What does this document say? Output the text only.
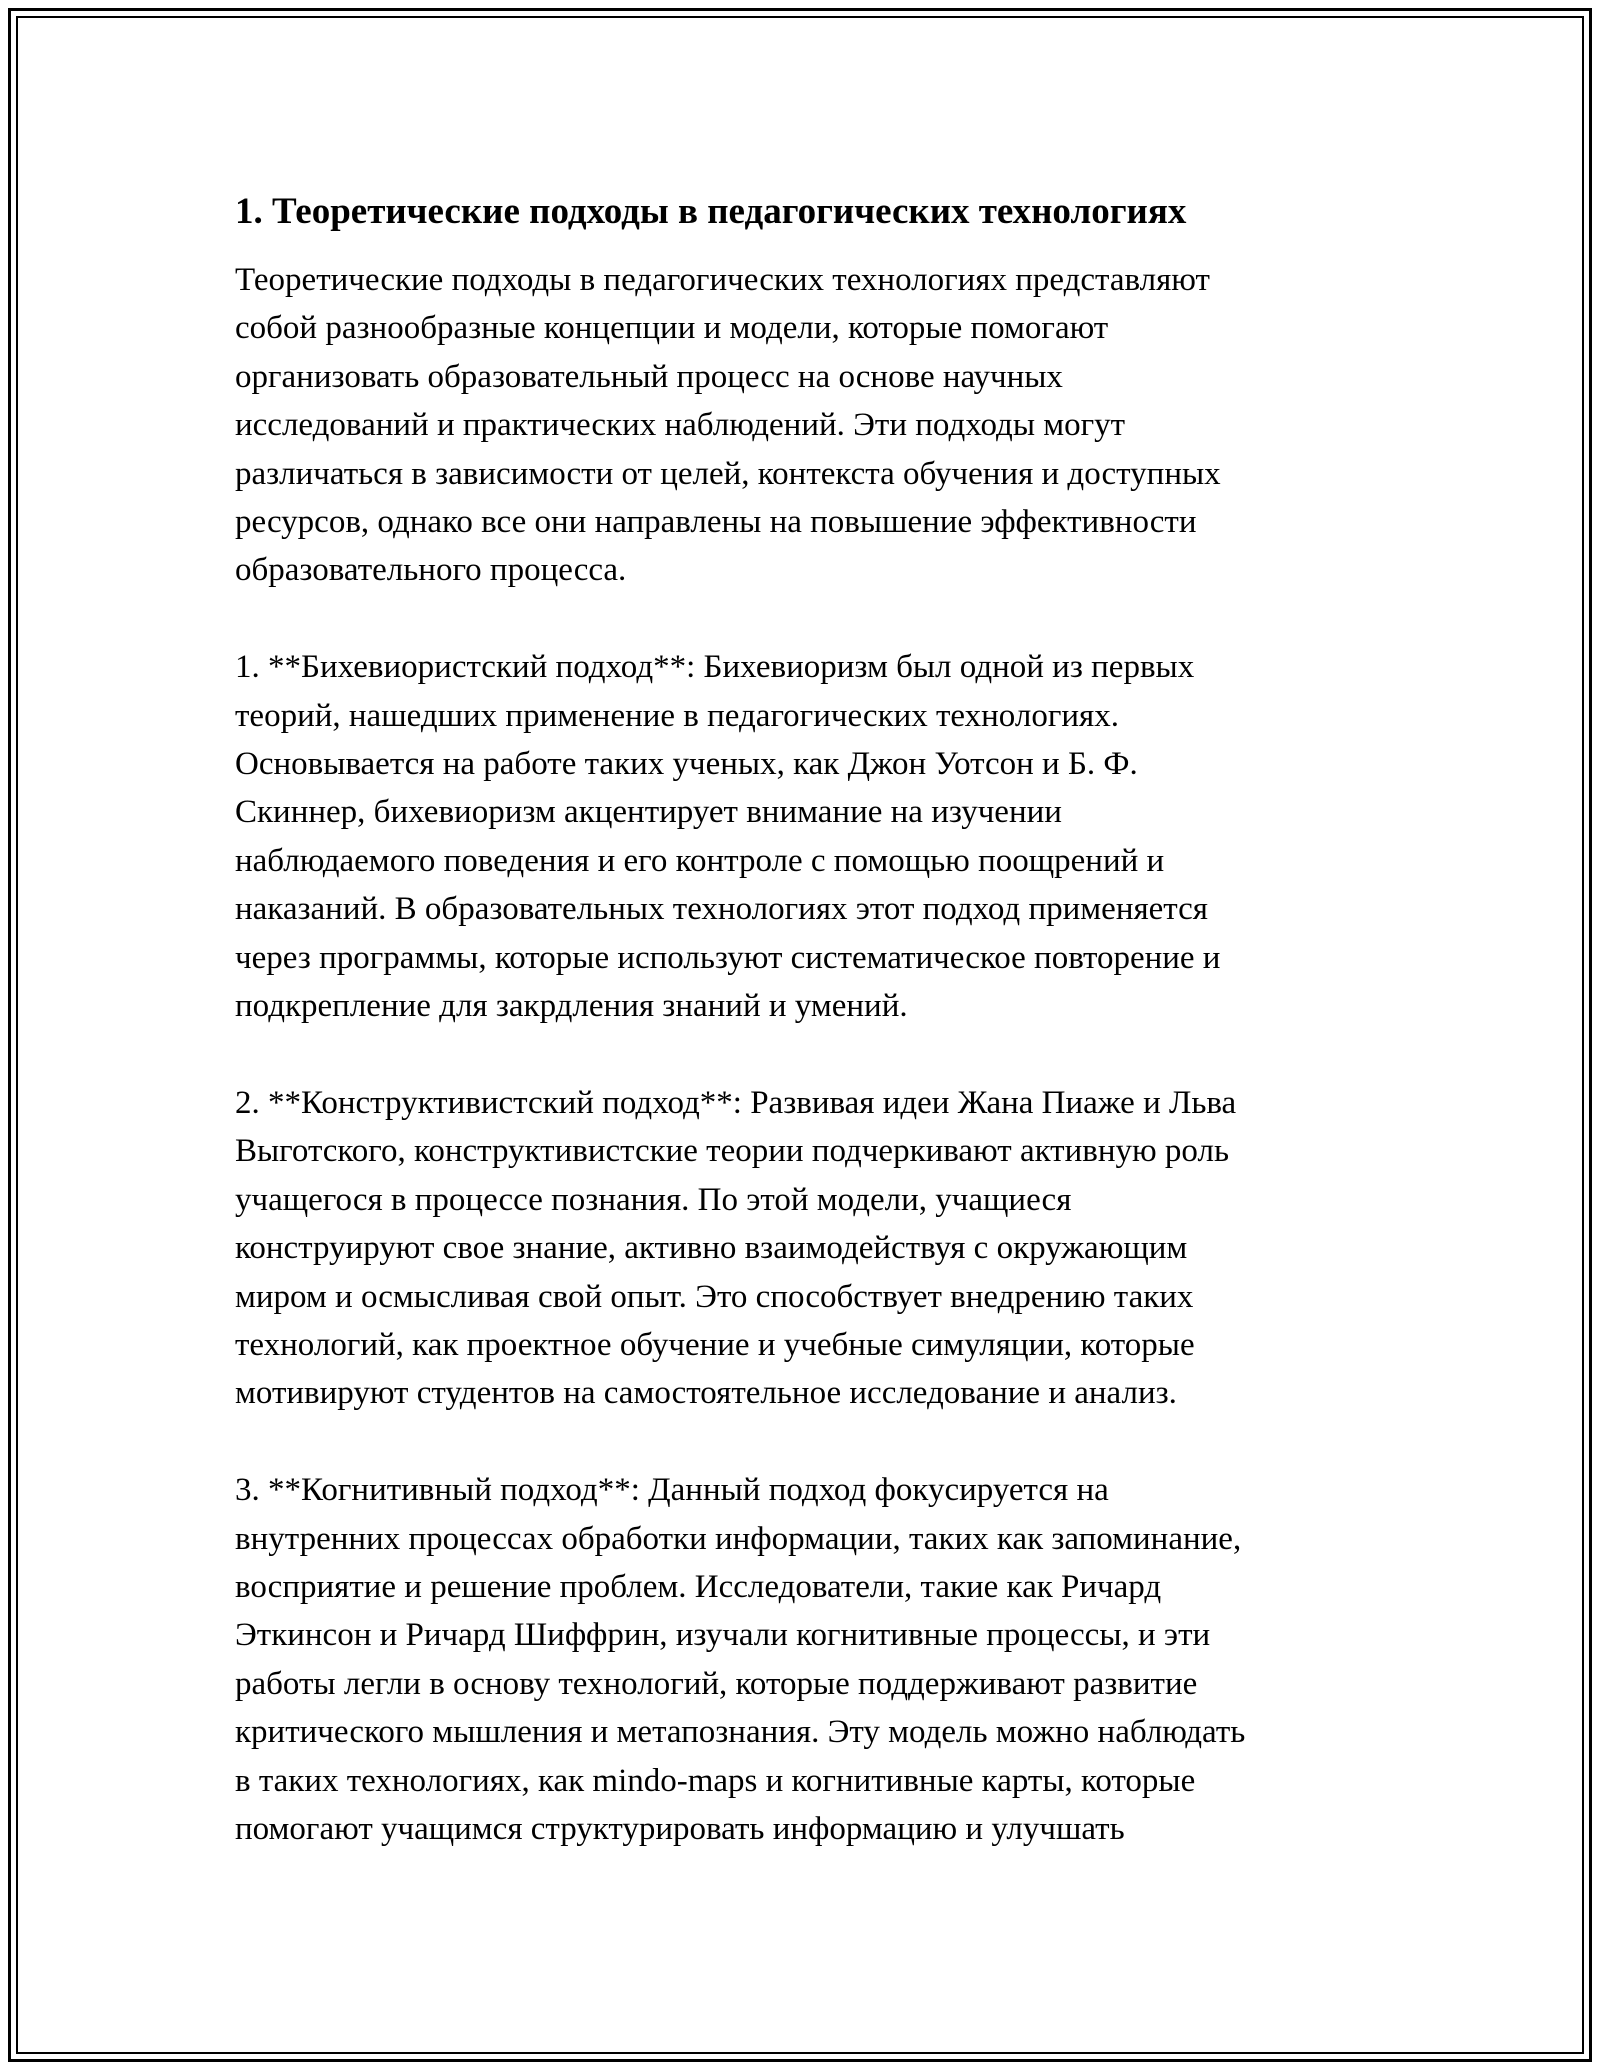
1. Теоретические подходы в педагогических технологиях

Теоретические подходы в педагогических технологиях представляют
собой разнообразные концепции и модели, которые помогают
организовать образовательный процесс на основе научных
исследований и практических наблюдений. Эти подходы могут
различаться в зависимости от целей, контекста обучения и доступных
ресурсов, однако все они направлены на повышение эффективности
образовательного процесса.

1. **Бихевиористский подход**: Бихевиоризм был одной из первых
теорий, нашедших применение в педагогических технологиях.
Основывается на работе таких ученых, как Джон Уотсон и Б. Ф.
Скиннер, бихевиоризм акцентирует внимание на изучении
наблюдаемого поведения и его контроле с помощью поощрений и
наказаний. В образовательных технологиях этот подход применяется
через программы, которые используют систематическое повторение и
подкрепление для закрдления знаний и умений.

2. **Конструктивистский подход**: Развивая идеи Жана Пиаже и Льва
Выготского, конструктивистские теории подчеркивают активную роль
учащегося в процессе познания. По этой модели, учащиеся
конструируют свое знание, активно взаимодействуя с окружающим
миром и осмысливая свой опыт. Это способствует внедрению таких
технологий, как проектное обучение и учебные симуляции, которые
мотивируют студентов на самостоятельное исследование и анализ.

3. **Когнитивный подход**: Данный подход фокусируется на
внутренних процессах обработки информации, таких как запоминание,
восприятие и решение проблем. Исследователи, такие как Ричард
Эткинсон и Ричард Шиффрин, изучали когнитивные процессы, и эти
работы легли в основу технологий, которые поддерживают развитие
критического мышления и метапознания. Эту модель можно наблюдать
в таких технологиях, как mindo-maps и когнитивные карты, которые
помогают учащимся структурировать информацию и улучшать
